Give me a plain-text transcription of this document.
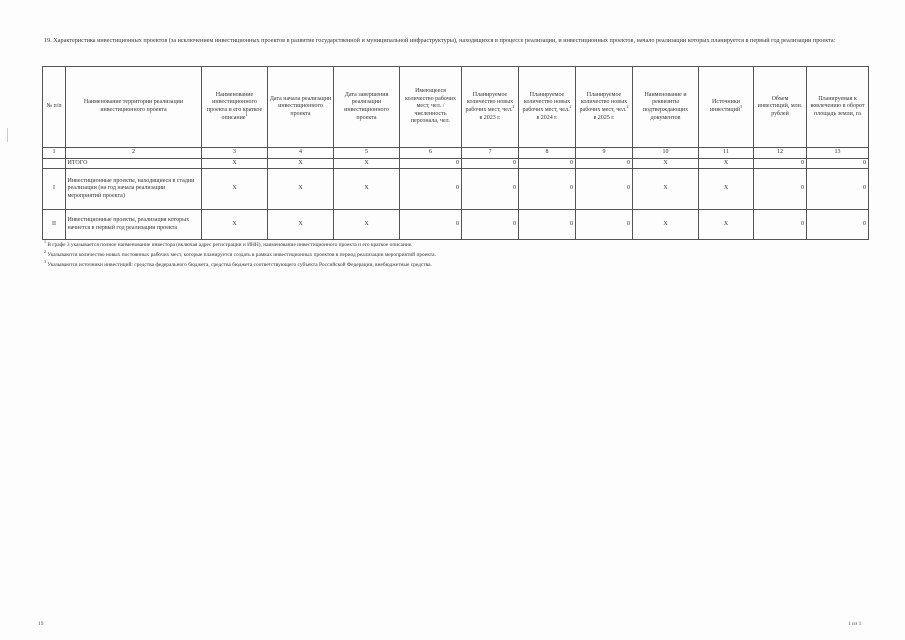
19. Характеристика инвестиционных проектов (за исключением инвестиционных проектов в развитие государственной и муниципальной инфраструктуры), находящихся в процессе реализации, и инвестиционных проектов, начало реализации которых планируется в первый год реализации проекта:
№ п/п	Наименование территории реализации инвестиционного проекта	Наименование инвестиционного проекта и его краткое описание$^1$	Дата начала реализации инвестиционного проекта	Дата завершения реализации инвестиционного проекта	Имеющееся количество рабочих мест, чел. / численность персонала, чел.	Планируемое количество новых рабочих мест, чел.$^2$ в 2023 г.	Планируемое количество новых рабочих мест, чел.$^2$ в 2024 г.	Планируемое количество новых рабочих мест, чел.$^2$ в 2025 г.	Наименование и реквизиты подтверждающих документов	Источники инвестиций$^3$	Объем инвестиций, млн. рублей	Планируемая к вовлечению в оборот площадь земли, га
1	2	3	4	5	6	7	8	9	10	11	12	13
	ИТОГО	X	X	X	0	0	0	0	X	X	0	0
I	Инвестиционные проекты, находящиеся в стадии реализации (на год начала реализации мероприятий проекта)	X	X	X	0	0	0	0	X	X	0	0
II	Инвестиционные проекты, реализация которых начнется в первый год реализации проекта	X	X	X	0	0	0	0	X	X	0	0
$^1$ В графе 3 указывается полное наименование инвестора (включая адрес регистрации и ИНН), наименование инвестиционного проекта и его краткое описание.
$^2$ Указываются количество новых постоянных рабочих мест, которые планируется создать в рамках инвестиционных проектов в период реализации мероприятий проекта.
$^3$ Указываются источники инвестиций: средства федерального бюджета, средства бюджета соответствующего субъекта Российской Федерации, внебюджетные средства.
19	1 из 1
